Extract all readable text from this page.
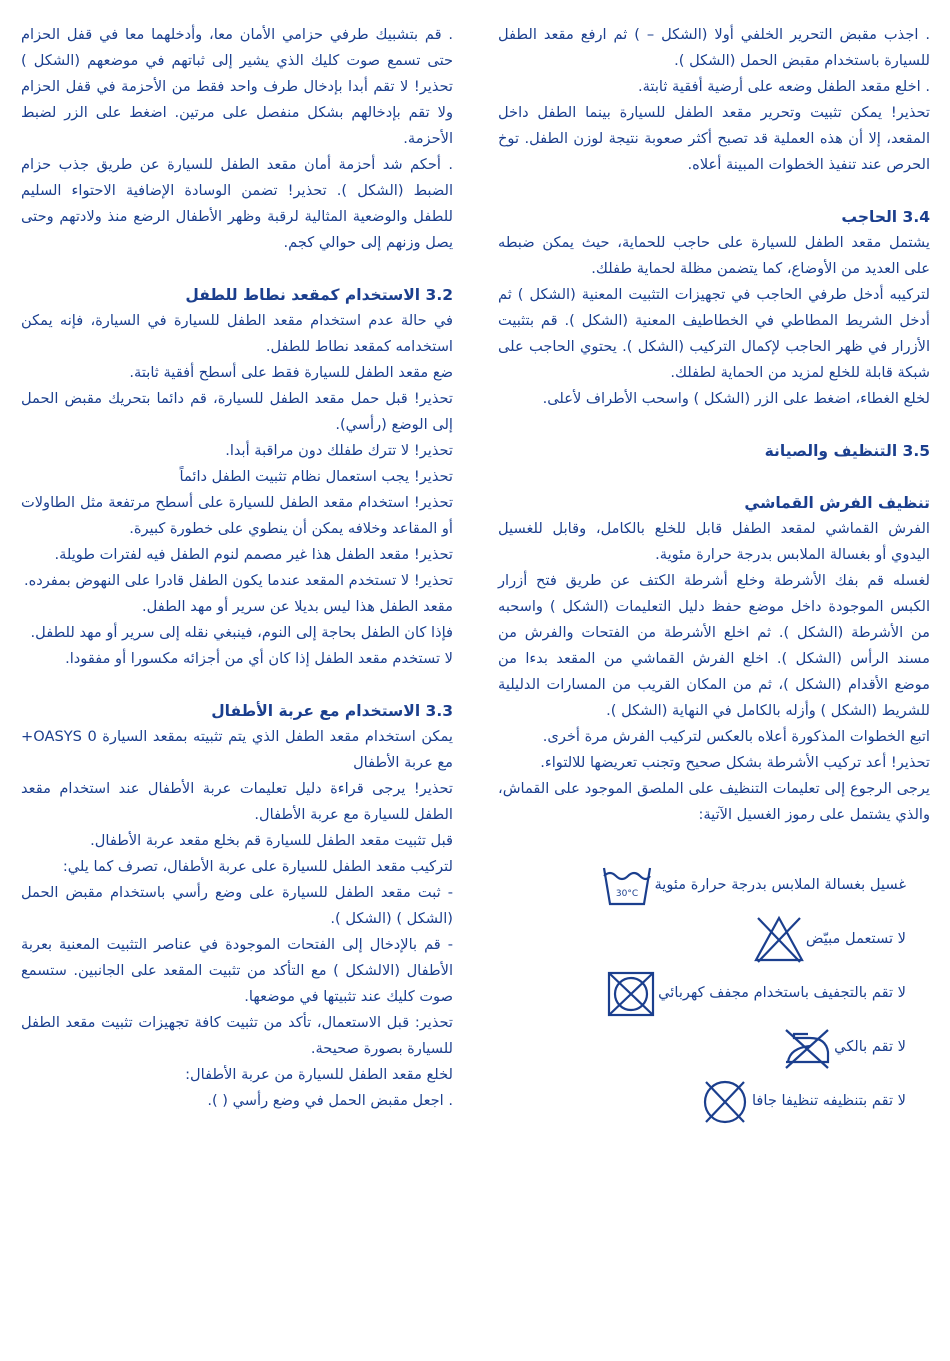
. اجذب مقبض التحرير الخلفي أولا (الشكل – ) ثم ارفع مقعد الطفل للسيارة باستخدام مقبض الحمل (الشكل ).

. اخلع مقعد الطفل وضعه على أرضية أفقية ثابتة.

تحذير! يمكن تثبيت وتحرير مقعد الطفل للسيارة بينما الطفل داخل المقعد، إلا أن هذه العملية قد تصبح أكثر صعوبة نتيجة لوزن الطفل. توخ الحرص عند تنفيذ الخطوات المبينة أعلاه.

3.4 الحاجب

يشتمل مقعد الطفل للسيارة على حاجب للحماية، حيث يمكن ضبطه على العديد من الأوضاع، كما يتضمن مظلة لحماية طفلك.

لتركيبه أدخل طرفي الحاجب في تجهيزات التثبيت المعنية (الشكل ) ثم أدخل الشريط المطاطي في الخطاطيف المعنية (الشكل ). قم بتثبيت الأزرار في ظهر الحاجب لإكمال التركيب (الشكل ). يحتوي الحاجب على شبكة قابلة للخلع لمزيد من الحماية لطفلك.

لخلع الغطاء، اضغط على الزر (الشكل ) واسحب الأطراف لأعلى.

3.5 التنظيف والصيانة
تنظيف الفرش القماشي

الفرش القماشي لمقعد الطفل قابل للخلع بالكامل، وقابل للغسيل اليدوي أو بغسالة الملابس بدرجة حرارة مئوية.

لغسله قم بفك الأشرطة وخلع أشرطة الكتف عن طريق فتح أزرار الكبس الموجودة داخل موضع حفظ دليل التعليمات (الشكل ) واسحبه من الأشرطة (الشكل ). ثم اخلع الأشرطة من الفتحات والفرش من مسند الرأس (الشكل ). اخلع الفرش القماشي من المقعد بدءا من موضع الأقدام (الشكل )، ثم من المكان القريب من المسارات الدليلية للشريط (الشكل ) وأزله بالكامل في النهاية (الشكل ).

اتبع الخطوات المذكورة أعلاه بالعكس لتركيب الفرش مرة أخرى.

تحذير! أعد تركيب الأشرطة بشكل صحيح وتجنب تعريضها للالتواء.

يرجى الرجوع إلى تعليمات التنظيف على الملصق الموجود على القماش، والذي يشتمل على رموز الغسيل الآتية:

غسيل بغسالة الملابس بدرجة حرارة مئوية
30°C
لا تستعمل مبيّض
لا تقم بالتجفيف باستخدام مجفف كهربائي
لا تقم بالكي
لا تقم بتنظيفه تنظيفا جافا

. قم بتشبيك طرفي حزامي الأمان معا، وأدخلهما معا في قفل الحزام حتى تسمع صوت كليك الذي يشير إلى ثباتهم في موضعهم (الشكل ) تحذير! لا تقم أبدا بإدخال طرف واحد فقط من الأحزمة في قفل الحزام ولا تقم بإدخالهم بشكل منفصل على مرتين. اضغط على الزر لضبط الأحزمة.

. أحكم شد أحزمة أمان مقعد الطفل للسيارة عن طريق جذب حزام الضبط (الشكل ). تحذير! تضمن الوسادة الإضافية الاحتواء السليم للطفل والوضعية المثالية لرقبة وظهر الأطفال الرضع منذ ولادتهم وحتى يصل وزنهم إلى حوالي كجم.

3.2 الاستخدام كمقعد نطاط للطفل

في حالة عدم استخدام مقعد الطفل للسيارة في السيارة، فإنه يمكن استخدامه كمقعد نطاط للطفل.

ضع مقعد الطفل للسيارة فقط على أسطح أفقية ثابتة.

تحذير! قبل حمل مقعد الطفل للسيارة، قم دائما بتحريك مقبض الحمل إلى الوضع (رأسي).

تحذير! لا تترك طفلك دون مراقبة أبدا.

تحذير! يجب استعمال نظام تثبيت الطفل دائماً

تحذير! استخدام مقعد الطفل للسيارة على أسطح مرتفعة مثل الطاولات أو المقاعد وخلافه يمكن أن ينطوي على خطورة كبيرة.

تحذير! مقعد الطفل هذا غير مصمم لنوم الطفل فيه لفترات طويلة.

تحذير! لا تستخدم المقعد عندما يكون الطفل قادرا على النهوض بمفرده.

مقعد الطفل هذا ليس بديلا عن سرير أو مهد الطفل.

فإذا كان الطفل بحاجة إلى النوم، فينبغي نقله إلى سرير أو مهد للطفل.

لا تستخدم مقعد الطفل إذا كان أي من أجزائه مكسورا أو مفقودا.

3.3 الاستخدام مع عربة الأطفال

يمكن استخدام مقعد الطفل الذي يتم تثبيته بمقعد السيارة OASYS 0+ مع عربة الأطفال

تحذير! يرجى قراءة دليل تعليمات عربة الأطفال عند استخدام مقعد الطفل للسيارة مع عربة الأطفال.

قبل تثبيت مقعد الطفل للسيارة قم بخلع مقعد عربة الأطفال.

لتركيب مقعد الطفل للسيارة على عربة الأطفال، تصرف كما يلي:

- ثبت مقعد الطفل للسيارة على وضع رأسي باستخدام مقبض الحمل (الشكل ) (الشكل ).

- قم بالإدخال إلى الفتحات الموجودة في عناصر التثبيت المعنية بعربة الأطفال (الالشكل ) مع التأكد من تثبيت المقعد على الجانبين. ستسمع صوت كليك عند تثبيتها في موضعها.

تحذير: قبل الاستعمال، تأكد من تثبيت كافة تجهيزات تثبيت مقعد الطفل للسيارة بصورة صحيحة.

لخلع مقعد الطفل للسيارة من عربة الأطفال:

. اجعل مقبض الحمل في وضع رأسي ( ).
